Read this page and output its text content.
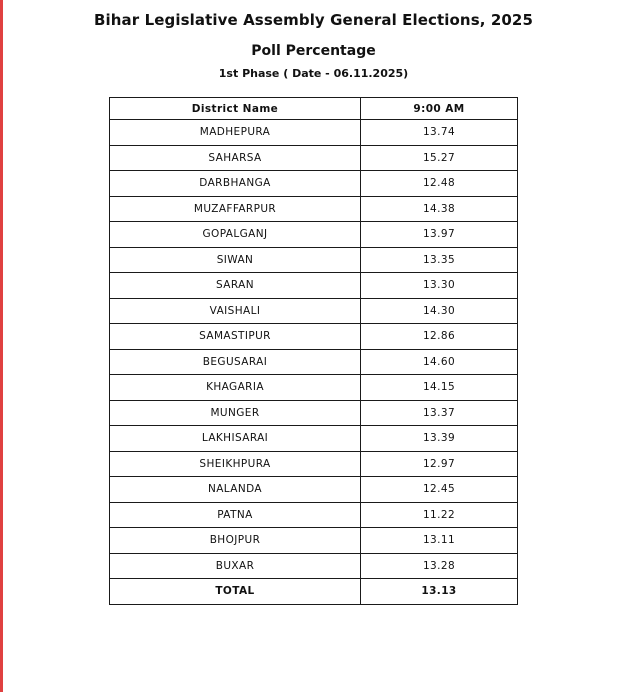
Bihar Legislative Assembly General Elections, 2025
Poll Percentage
1st Phase ( Date - 06.11.2025)
District Name	9:00 AM
MADHEPURA	13.74
SAHARSA	15.27
DARBHANGA	12.48
MUZAFFARPUR	14.38
GOPALGANJ	13.97
SIWAN	13.35
SARAN	13.30
VAISHALI	14.30
SAMASTIPUR	12.86
BEGUSARAI	14.60
KHAGARIA	14.15
MUNGER	13.37
LAKHISARAI	13.39
SHEIKHPURA	12.97
NALANDA	12.45
PATNA	11.22
BHOJPUR	13.11
BUXAR	13.28
TOTAL	13.13
